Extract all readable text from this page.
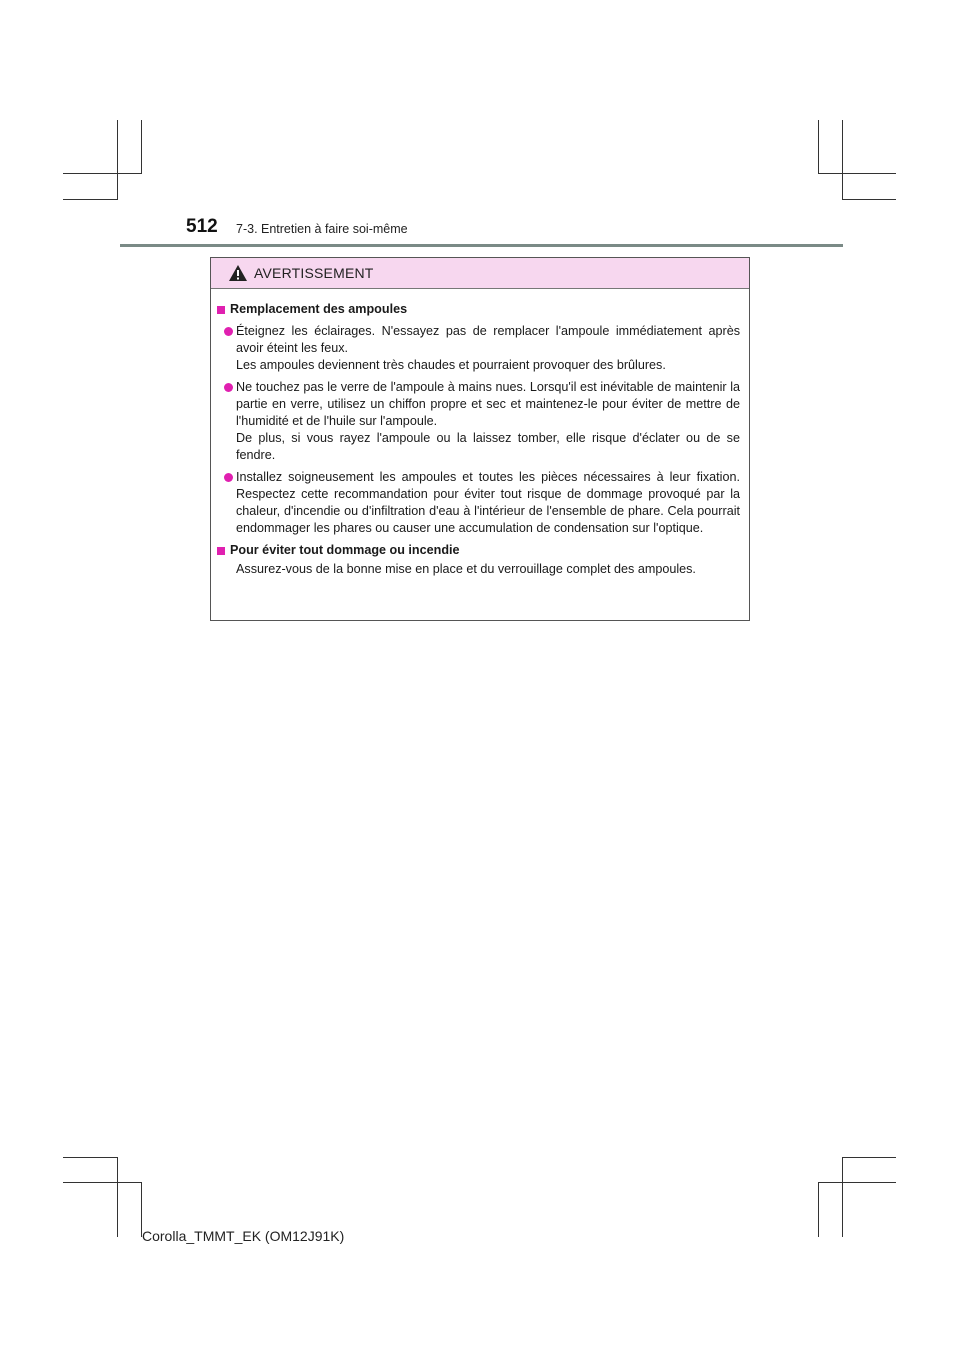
512 7-3. Entretien à faire soi-même
AVERTISSEMENT
Remplacement des ampoules

Éteignez les éclairages. N'essayez pas de remplacer l'ampoule immédiatement après avoir éteint les feux.

Les ampoules deviennent très chaudes et pourraient provoquer des brûlures.

Ne touchez pas le verre de l'ampoule à mains nues. Lorsqu'il est inévitable de maintenir la partie en verre, utilisez un chiffon propre et sec et maintenez-le pour éviter de mettre de l'humidité et de l'huile sur l'ampoule.

De plus, si vous rayez l'ampoule ou la laissez tomber, elle risque d'éclater ou de se fendre.

Installez soigneusement les ampoules et toutes les pièces nécessaires à leur fixation. Respectez cette recommandation pour éviter tout risque de dommage provoqué par la chaleur, d'incendie ou d'infiltration d'eau à l'intérieur de l'ensemble de phare. Cela pourrait endommager les phares ou causer une accumulation de condensation sur l'optique.

Pour éviter tout dommage ou incendie

Assurez-vous de la bonne mise en place et du verrouillage complet des ampoules.

Corolla_TMMT_EK (OM12J91K)
